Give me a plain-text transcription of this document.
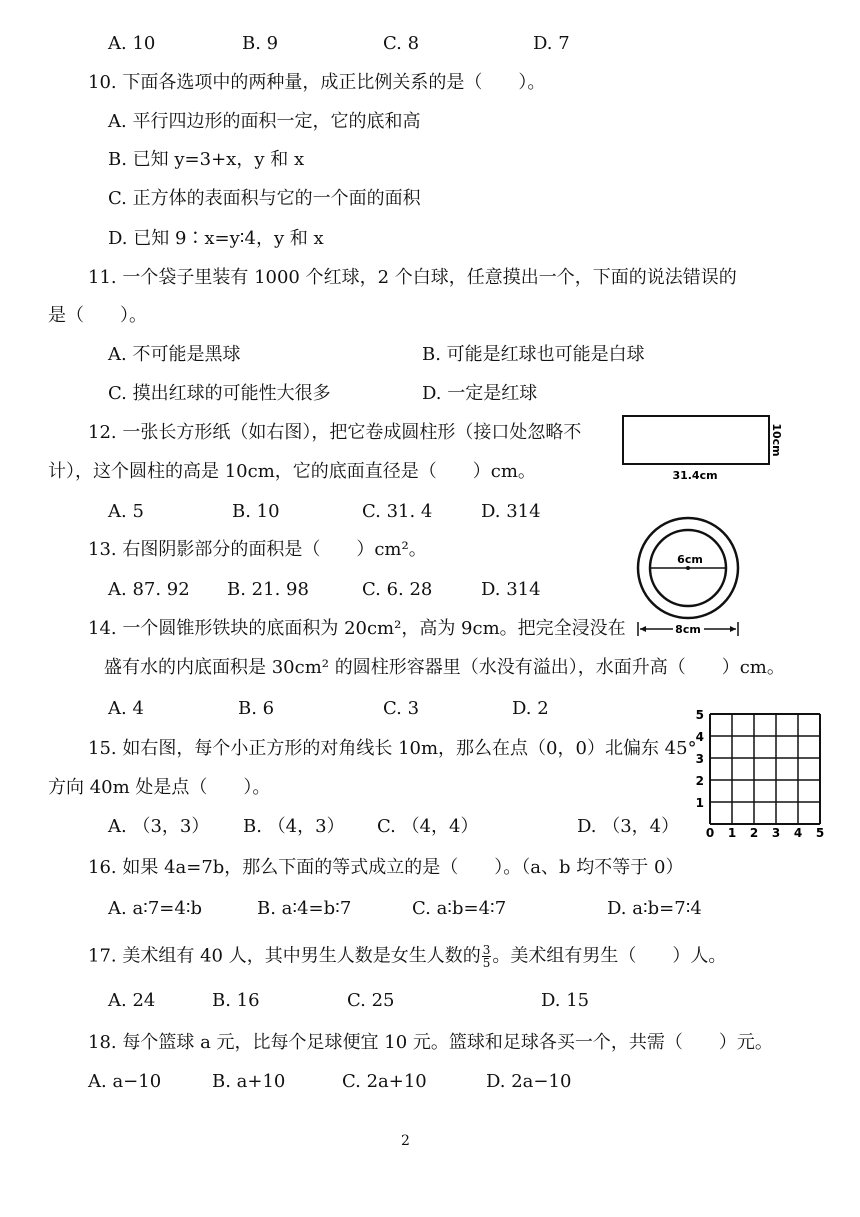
A. 10	B. 9	C. 8	D. 7
10. 下面各选项中的两种量，成正比例关系的是（　　）。
A. 平行四边形的面积一定，它的底和高
B. 已知 y=3+x，y 和 x
C. 正方体的表面积与它的一个面的面积
D. 已知 9∶x=y∶4，y 和 x
11. 一个袋子里装有 1000 个红球，2 个白球，任意摸出一个，下面的说法错误的
是（　　）。
A. 不可能是黑球	B. 可能是红球也可能是白球
C. 摸出红球的可能性大很多	D. 一定是红球
12. 一张长方形纸（如右图），把它卷成圆柱形（接口处忽略不
计），这个圆柱的高是 10cm，它的底面直径是（　　）cm。
A. 5	B. 10	C. 31. 4	D. 314
31.4cm
10cm
13. 右图阴影部分的面积是（　　）cm²。
A. 87. 92 B. 21. 98	C. 6. 28	D. 314
6cm
8cm
14. 一个圆锥形铁块的底面积为 20cm²，高为 9cm。把完全浸没在
盛有水的内底面积是 30cm² 的圆柱形容器里（水没有溢出），水面升高（　　）cm。
A. 4	B. 6	C. 3	D. 2
15. 如右图，每个小正方形的对角线长 10m，那么在点（0，0）北偏东 45°
方向 40m 处是点（　　）。
A. （3，3） B. （4，3） C. （4，4）	D. （3，4） 0 1 2 3 4 5
1
2
3
4
5
16. 如果 4a=7b，那么下面的等式成立的是（　　）。（a、b 均不等于 0）
A. a∶7=4∶b	B. a∶4=b∶7	C. a∶b=4∶7	D. a∶b=7∶4
17. 美术组有 40 人，其中男生人数是女生人数的 $\frac{3}{5}$ 。美术组有男生（　　）人。
A. 24	B. 16	C. 25	D. 15
18. 每个篮球 a 元，比每个足球便宜 10 元。篮球和足球各买一个，共需（　　）元。
A. a−10	B. a+10	C. 2a+10	D. 2a−10
2
